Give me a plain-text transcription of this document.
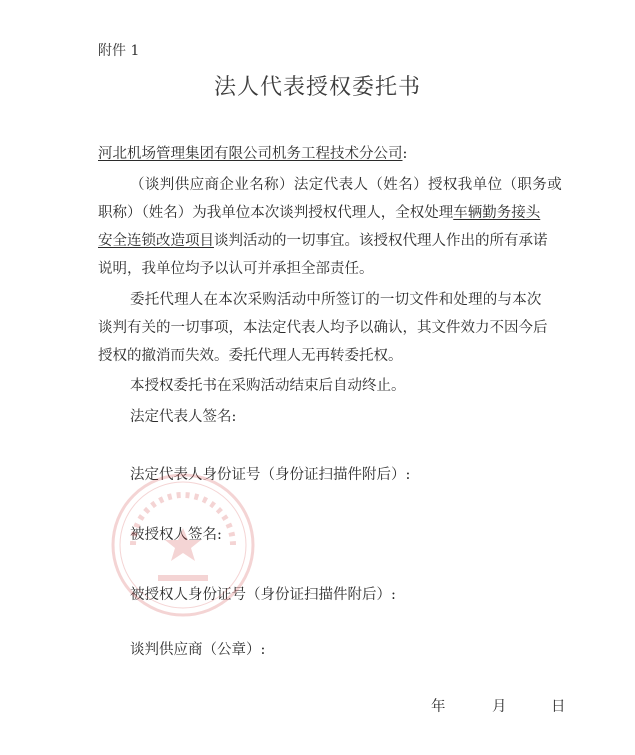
附件 1
法人代表授权委托书
河北机场管理集团有限公司机务工程技术分公司:
（谈判供应商企业名称）法定代表人（姓名）授权我单位（职务或
职称）（姓名）为我单位本次谈判授权代理人，全权处理车辆勤务接头
安全连锁改造项目谈判活动的一切事宜。该授权代理人作出的所有承诺
说明，我单位均予以认可并承担全部责任。
委托代理人在本次采购活动中所签订的一切文件和处理的与本次
谈判有关的一切事项，本法定代表人均予以确认，其文件效力不因今后
授权的撤消而失效。委托代理人无再转委托权。
本授权委托书在采购活动结束后自动终止。
法定代表人签名:
法定代表人身份证号（身份证扫描件附后）:
被授权人签名:
被授权人身份证号（身份证扫描件附后）:
谈判供应商（公章）:
年	月	日
